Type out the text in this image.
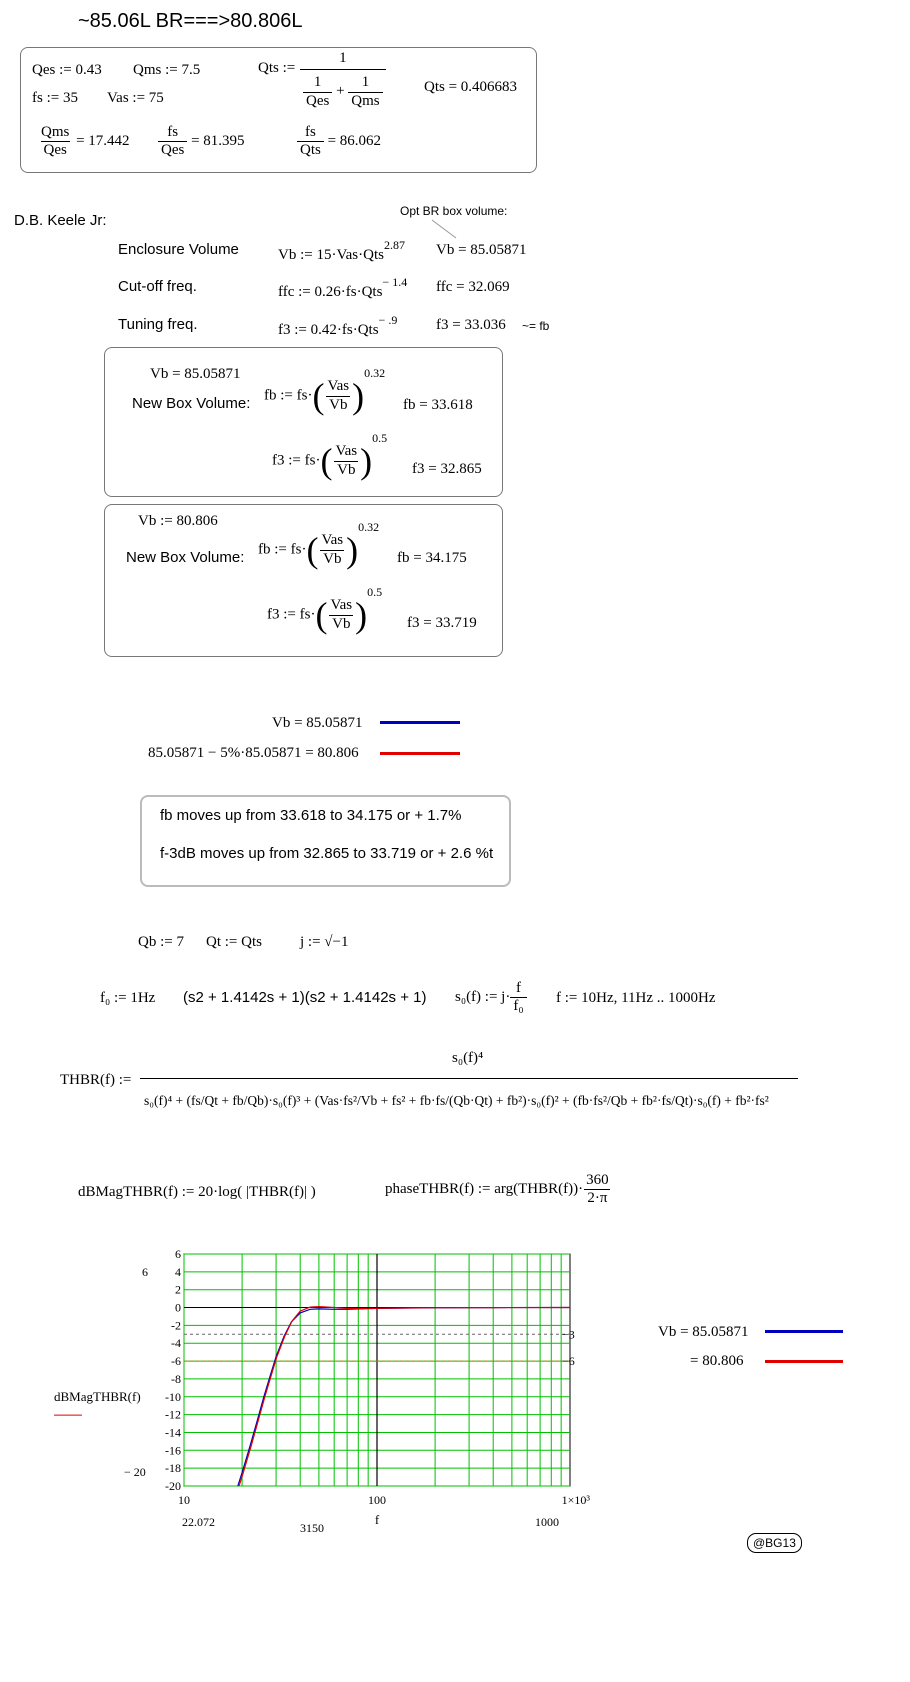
~85.06L BR===>80.806L
Qes := 0.43 Qms := 7.5
fs := 35 Vas := 75
Qts := $\frac{1}{\frac{1}{\text{Qes}} + \frac{1}{\text{Qms}}}$	Qts = 0.406683
$\frac{\text{Qms}}{\text{Qes}} = 17.442 \frac{fs}{\text{Qes}} = 81.395$	$\frac{fs}{\text{Qts}} = 86.062$
D.B. Keele Jr:
Opt BR box volume:
Enclosure Volume	Vb := 15·Vas·Qts$^{2.87}$ Vb = 85.05871
Cut-off freq.	ffc := 0.26·fs·Qts$^{- 1.4}$ ffc = 32.069
Tuning freq.	f3 := 0.42·fs·Qts$^{- .9}$	f3 = 33.036 ~= fb
Vb = 85.05871
New Box Volume: fb := $fs\cdot( \frac{\text{Vas}}{Vb} )^{0.32}$
fb = 33.618
f3 := $fs\cdot( \frac{\text{Vas}}{Vb} )^{0.5}$
f3 = 32.865
Vb := 80.806
New Box Volume: fb := $fs\cdot( \frac{\text{Vas}}{Vb} )^{0.32}$
fb = 34.175
f3 := $fs\cdot( \frac{\text{Vas}}{Vb} )^{0.5}$
f3 = 33.719
Vb = 85.05871
85.05871 − 5%·85.05871 = 80.806
fb moves up from 33.618 to 34.175 or + 1.7%
f-3dB moves up from 32.865 to 33.719 or + 2.6 %t
Qb := 7 Qt := Qts	j := √−1
f₀ := 1Hz (s2 + 1.4142s + 1)(s2 + 1.4142s + 1) s₀(f) := $j\cdot \frac{f}{\text{f₀}}$ f := 10Hz, 11Hz .. 1000Hz
THBR(f) :=
s₀(f)⁴
s₀(f)⁴ + (fs/Qt + fb/Qb)·s₀(f)³ + (Vas·fs²/Vb + fs² + fb·fs/(Qb·Qt) + fb²)·s₀(f)² + (fb·fs²/Qb + fb²·fs/Qt)·s₀(f) + fb²·fs²
dBMagTHBR(f) := 20·log( |THBR(f)| )	phaseTHBR(f) := arg(THBR(f))· $\frac{360}{2\cdot\pi}$
6
4
2
0
-2
-4
-6
-8
-10
-12
-14
-16
-18
-20
−3
−6
10	100	1×10³
22.072	3150	1000
6
− 20
dBMagTHBR(f)
f
Vb = 85.05871
= 80.806
@BG13
